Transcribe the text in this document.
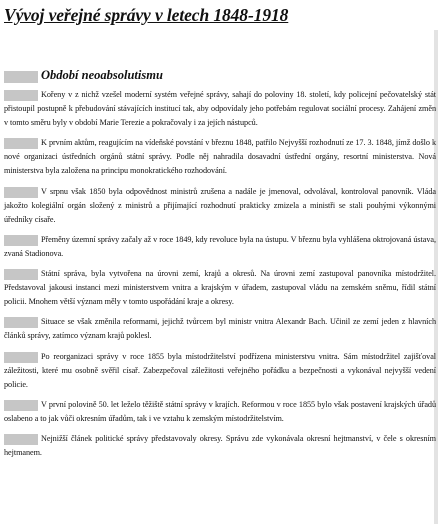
Vývoj veřejné správy v letech 1848-1918
Období neoabsolutismu

Kořeny v z nichž vzešel moderní systém veřejné správy, sahají do poloviny 18. století, kdy policejní pečovatelský stát přistoupil postupně k přebudování stávajících institucí tak, aby odpovídaly jeho potřebám regulovat sociální procesy. Zahájení změn v tomto směru byly v období Marie Terezie a pokračovaly i za jejích nástupců.

K prvním aktům, reagujícím na vídeňské povstání v březnu 1848, patřilo Nejvyšší rozhodnutí ze 17. 3. 1848, jímž došlo k nové organizaci ústředních orgánů státní správy. Podle něj nahradila dosavadní ústřední orgány, resortní ministerstva. Nová ministerstva byla založena na principu monokratického rozhodování.

V srpnu však 1850 byla odpovědnost ministrů zrušena a nadále je jmenoval, odvolával, kontroloval panovník. Vláda jakožto kolegiální orgán složený z ministrů a přijímající rozhodnutí prakticky zmizela a ministři se stali pouhými výkonnými úředníky císaře.

Přeměny územní správy začaly až v roce 1849, kdy revoluce byla na ústupu. V březnu byla vyhlášena oktrojovaná ústava, zvaná Stadionova.

Státní správa, byla vytvořena na úrovni zemí, krajů a okresů. Na úrovni zemí zastupoval panovníka místodržitel. Představoval jakousi instanci mezi ministerstvem vnitra a krajským v úřadem, zastupoval vládu na zemském sněmu, řídil státní policii. Mnohem větší význam měly v tomto uspořádání kraje a okresy.

Situace se však změnila reformami, jejichž tvůrcem byl ministr vnitra Alexandr Bach. Učinil ze zemí jeden z hlavních článků správy, zatímco význam krajů poklesl.

Po reorganizaci správy v roce 1855 byla místodržitelství podřízena ministerstvu vnitra. Sám místodržitel zajišťoval záležitosti, které mu osobně svěřil císař. Zabezpečoval záležitosti veřejného pořádku a bezpečnosti a vykonával nejvyšší vedení policie.

V první polovině 50. let leželo těžiště státní správy v krajích. Reformou v roce 1855 bylo však postavení krajských úřadů oslabeno a to jak vůči okresním úřadům, tak i ve vztahu k zemským místodržitelstvím.

Nejnižší článek politické správy představovaly okresy. Správu zde vykonávala okresní hejtmanství, v čele s okresním hejtmanem.
